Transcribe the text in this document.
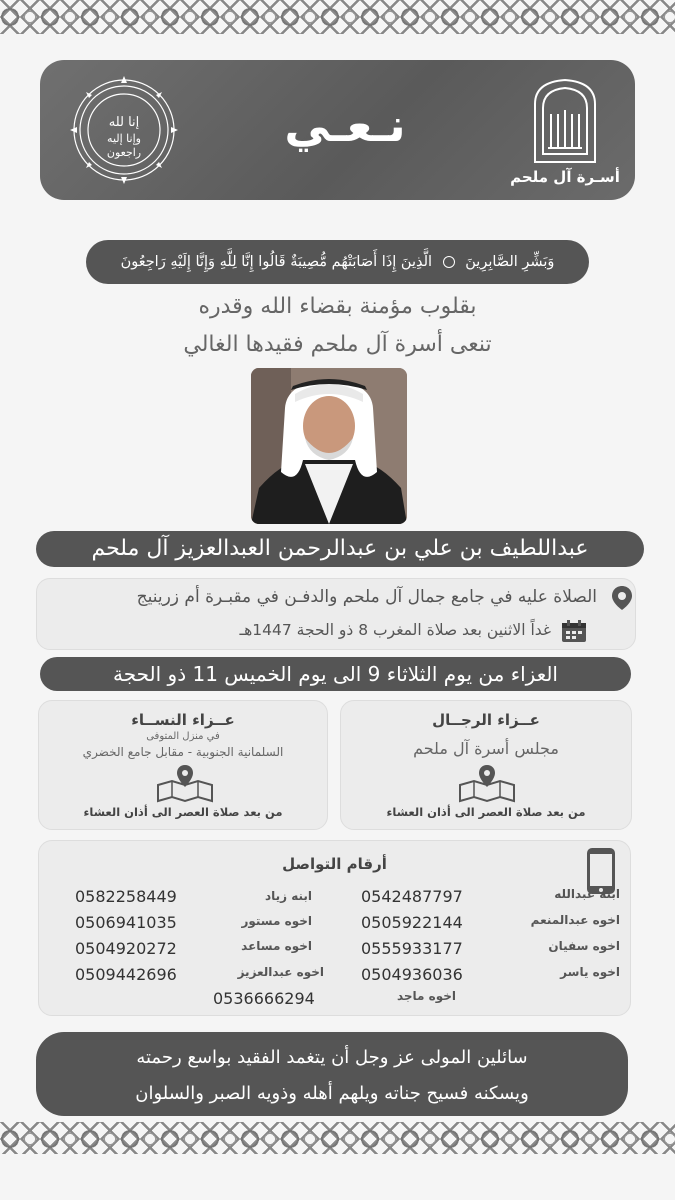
إنا لله
وإنا إليه
راجعون
نـعـي
أسـرة آل ملحم
وَبَشِّرِ الصَّابِرِينَ  الَّذِينَ إِذَا أَصَابَتْهُم مُّصِيبَةٌ قَالُوا إِنَّا لِلَّهِ وَإِنَّا إِلَيْهِ رَاجِعُونَ
بقلوب مؤمنة بقضاء الله وقدره
تنعى أسرة آل ملحم فقيدها الغالي
عبداللطيف بن علي بن عبدالرحمن العبدالعزيز آل ملحم
الصلاة عليه في جامع جمال آل ملحم والدفـن في مقبـرة أم زرينيج
غداً الاثنين بعد صلاة المغرب 8 ذو الحجة 1447هـ
العزاء من يوم الثلاثاء 9 الى يوم الخميس 11 ذو الحجة
عــزاء الرجــال
مجلس أسرة آل ملحم
من بعد صلاة العصر الى أذان العشاء
عــزاء النســاء
في منزل المتوفى
السلمانية الجنوبية - مقابل جامع الخضري
من بعد صلاة العصر الى أذان العشاء
أرقام التواصل
ابنه عبدالله
اخوه عبدالمنعم
اخوه سفيان
اخوه ياسر
اخوه ماجد
0542487797
0505922144
0555933177
0504936036
ابنه زياد
اخوه مستور
اخوه مساعد
اخوه عبدالعزيز
0582258449
0506941035
0504920272
0509442696
0536666294
سائلين المولى عز وجل أن يتغمد الفقيد بواسع رحمته
ويسكنه فسيح جناته ويلهم أهله وذويه الصبر والسلوان
